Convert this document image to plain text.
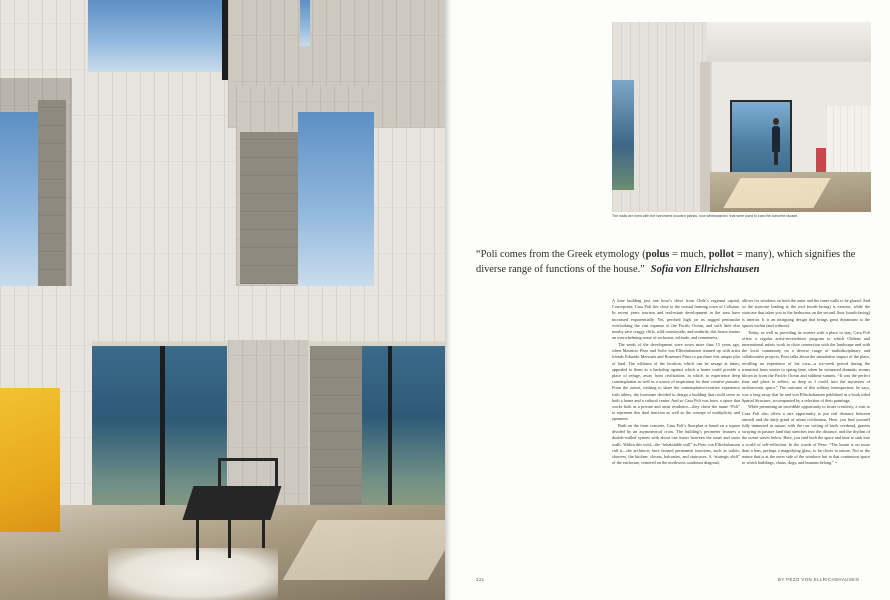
The walls are lined with the harvested wooden planks, now whitewashed, that were used to cast the concrete facade.
“Poli comes from the Greek etymology (polus = much, pollot = many), which signifies the diverse range of functions of the house.” Sofia von Ellrichshausen

A lone building just one hour’s drive from Chile’s regional capital, Concepción, Casa Poli lies close to the coastal farming town of Coliumo. In recent years tourism and real-estate development in the area have increased exponentially. Yet, perched high on its rugged peninsular overlooking the vast expanse of the Pacific Ocean, and with little else nearby save craggy cliffs, wild countryside, and seabirds, this house retains an overwhelming sense of seclusion, solitude, and remoteness.

The seeds of the development were sown more than 15 years ago, when Mauricio Pezo and Sofia von Ellrichshausen teamed up with artist friends Eduardo Meissner and Rosemari Prinz to purchase this unique plot of land. The wildness of the location, which can be savage at times, appealed to them as a backdrop against which a home could provide a place of refuge, away from civilization, in which to experience deep contemplation as well as a source of inspiration for their creative pursuits. From the outset, wishing to share the contemplative/creative experience with others, the foursome decided to design a building that could serve as both a home and a cultural center. And so Casa Poli was born, a space that works both as a private and artist residence—they chose the name “Poli” to represent this dual function as well as the concept of multiplicity and openness.

Built on the front concrete, Casa Poli’s floorplan is based on a square divided by an asymmetrical cross. The building’s perimeter features a double-walled system with about one meter between the inner and outer walls. Within this void—the “inhabitable wall” as Pezo von Ellrichshausen call it—the architects have housed permanent functions, such as toilets, showers, the kitchen, closets, balconies, and staircases. A “strategic shift” of the enclosure, centered on the northwest–southeast diagonal,

allows for windows on both the outer and the inner walls to be glazed. And so the staircase leading to the roof (north-facing) is exterior, while the staircase that takes you to the bedrooms on the second floor (south-facing) is interior. It is an intriguing design that brings great dynamism to the spaces within (and without).

Today, as well as providing its owners with a place to stay, Casa Poli offers a regular artist-in-residence program to which Chilean and international artists work in close connection with the landscape and with the local community on a diverse range of multidisciplinary and collaborative projects. Pezo talks about the stimulative impact of the place, recalling an experience of his own—a six-week period during the transition from winter to spring time, when he witnessed dramatic storms blown in from the Pacific Ocean and sublime sunsets. “It was the perfect time and place to reflect, as deep as I could, into the mysteries of architectonic space.” The outcome of this solitary introspection, he says, was a long essay that he and von Ellrichshausen published as a book titled Spatial Structure, accompanied by a selection of their paintings.

While presenting an incredible opportunity to foster creativity, a visit to Casa Poli also offers a rare opportunity to put real distance between oneself and the daily grind of urban civilization. Here, you find yourself fully immersed in nature, with the raw cutting of birds overhead, grasses swaying in pasture land that stretches into the distance, and the rhythm of the ocean waves below. Here, you find both the space and time to sink into a world of self-reflection. In the words of Pezo: “The house is no more than a lens, perhaps a magnifying glass, to be closer to nature. Not to the nature that is at the outer side of the windows but to that continuous space to which buildings, chairs, dogs, and humans belong.” •

221	BY PEZO VON ELLRICHSHAUSEN
